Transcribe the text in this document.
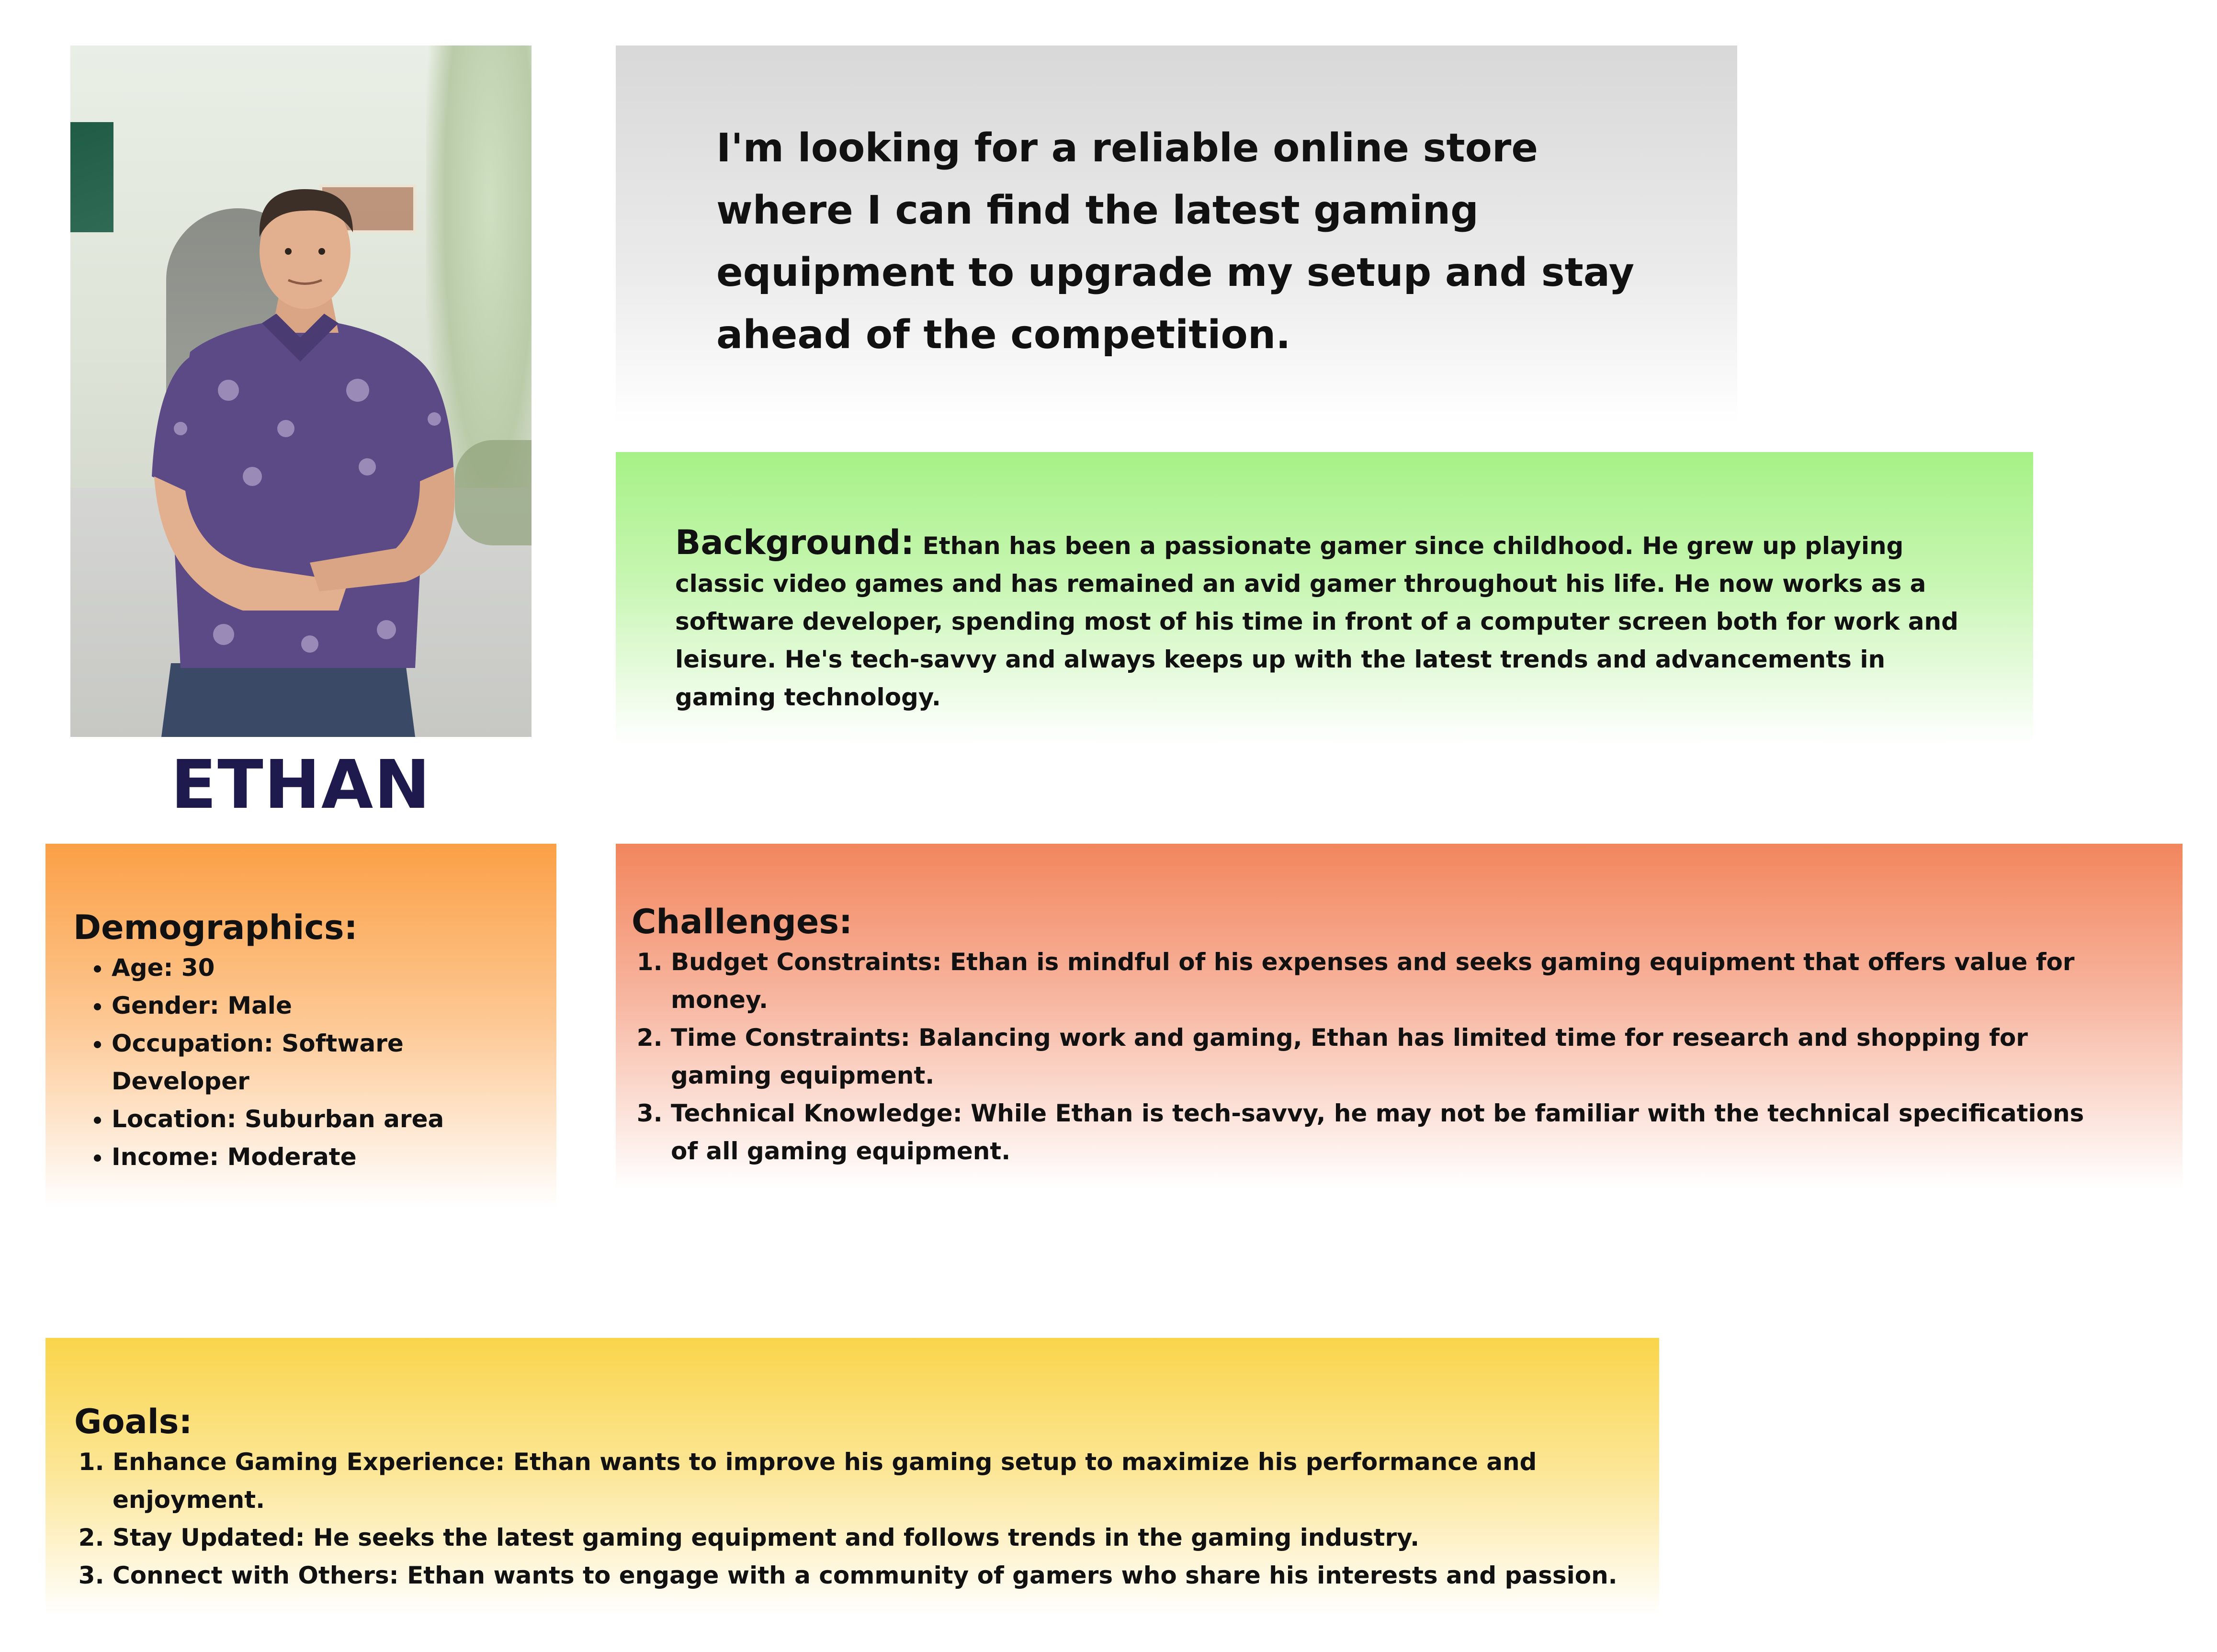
ETHAN

I'm looking for a reliable online store where I can find the latest gaming equipment to upgrade my setup and stay ahead of the competition.

Background: Ethan has been a passionate gamer since childhood. He grew up playing classic video games and has remained an avid gamer throughout his life. He now works as a software developer, spending most of his time in front of a computer screen both for work and leisure. He's tech-savvy and always keeps up with the latest trends and advancements in gaming technology.

Demographics:
• Age: 30
• Gender: Male
• Occupation: Software Developer
• Location: Suburban area
• Income: Moderate
Challenges:
1. Budget Constraints: Ethan is mindful of his expenses and seeks gaming equipment that offers value for money.
2. Time Constraints: Balancing work and gaming, Ethan has limited time for research and shopping for gaming equipment.
3. Technical Knowledge: While Ethan is tech-savvy, he may not be familiar with the technical specifications of all gaming equipment.
Goals:
1. Enhance Gaming Experience: Ethan wants to improve his gaming setup to maximize his performance and enjoyment.
2. Stay Updated: He seeks the latest gaming equipment and follows trends in the gaming industry.
3. Connect with Others: Ethan wants to engage with a community of gamers who share his interests and passion.
